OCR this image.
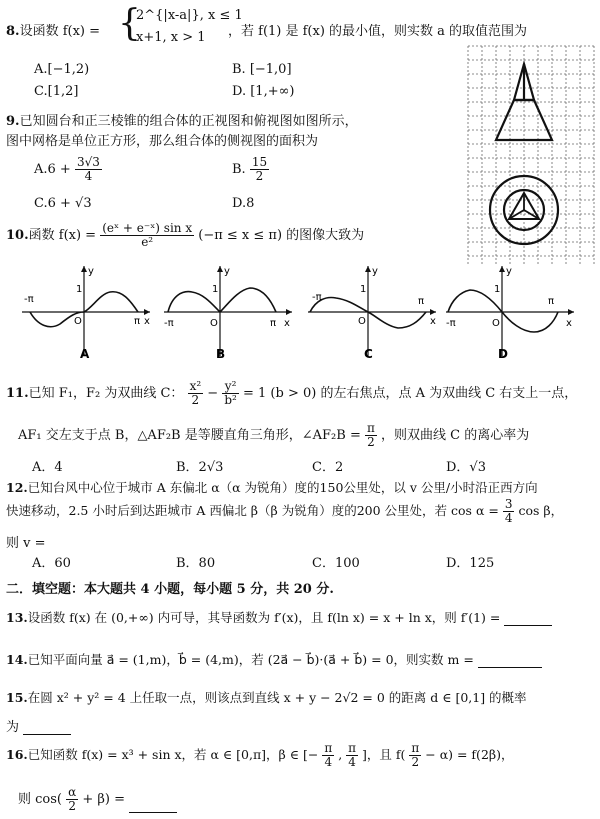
8.设函数 f(x) = {
2^{|x-a|}, x ≤ 1
x+1, x > 1 ，若 f(1) 是 f(x) 的最小值，则实数 a 的取值范围为
A.[−1,2)	B. [−1,0]
C.[1,2]	D. [1,+∞)
9.已知圆台和正三棱锥的组合体的正视图和俯视图如图所示，
图中网格是单位正方形，那么组合体的侧视图的面积为
$A.6 + \frac{3√3}{4}$	B. $\frac{15}{2}$
C.6 + √3	D.8
10.函数 $f(x) = \frac{\text{(eˣ + e⁻ˣ) sin x}}{\text{e²}} (-\pi \le x \le \pi)$ 的图像大致为
y
1
-π
O	π x
A
y
1
-π	O	π x
B
y
1
-π
O
π
x
C
y
1
-π	O
π
x
D
11.已知 F₁，F₂ 为双曲线 C： $\frac{\text{x²}}{2} - \frac{\text{y²}}{\text{b²}} = 1$ (b > 0) 的左右焦点，点 A 为双曲线 C 右支上一点，
AF₁ 交左支于点 B，△AF₂B 是等腰直角三角形，∠AF₂B = $\frac{\pi}{2}$ ，则双曲线 C 的离心率为
A．4	B．2√3	C．2	D．√3
12.已知台风中心位于城市 A 东偏北 α（α 为锐角）度的150公里处，以 v 公里/小时沿正西方向
快速移动，2.5 小时后到达距城市 A 西偏北 β（β 为锐角）度的200 公里处，若 $\cos \alpha = \frac{3}{4}$ cos β，
则 v =
A．60	B．80	C．100	D．125
二．填空题：本大题共 4 小题，每小题 5 分，共 20 分.
13.设函数 f(x) 在 (0,+∞) 内可导，其导函数为 f′(x)，且 f(ln x) = x + ln x，则 f′(1) =
14.已知平面向量 a⃗ = (1,m)，b⃗ = (4,m)，若 (2a⃗ − b⃗)·(a⃗ + b⃗) = 0，则实数 m =
15.在圆 x² + y² = 4 上任取一点，则该点到直线 x + y − 2√2 = 0 的距离 d ∈ [0,1] 的概率
为
16.已知函数 f(x) = x³ + sin x，若 α ∈ [0,π]，β ∈ [− $\frac{\pi}{4}$ , $\frac{\pi}{4}$ ]，且 $f( \frac{\pi}{2} - \alpha) = f(2\beta)$，
则 $\cos( \frac{\alpha}{2} + \beta)$ =
